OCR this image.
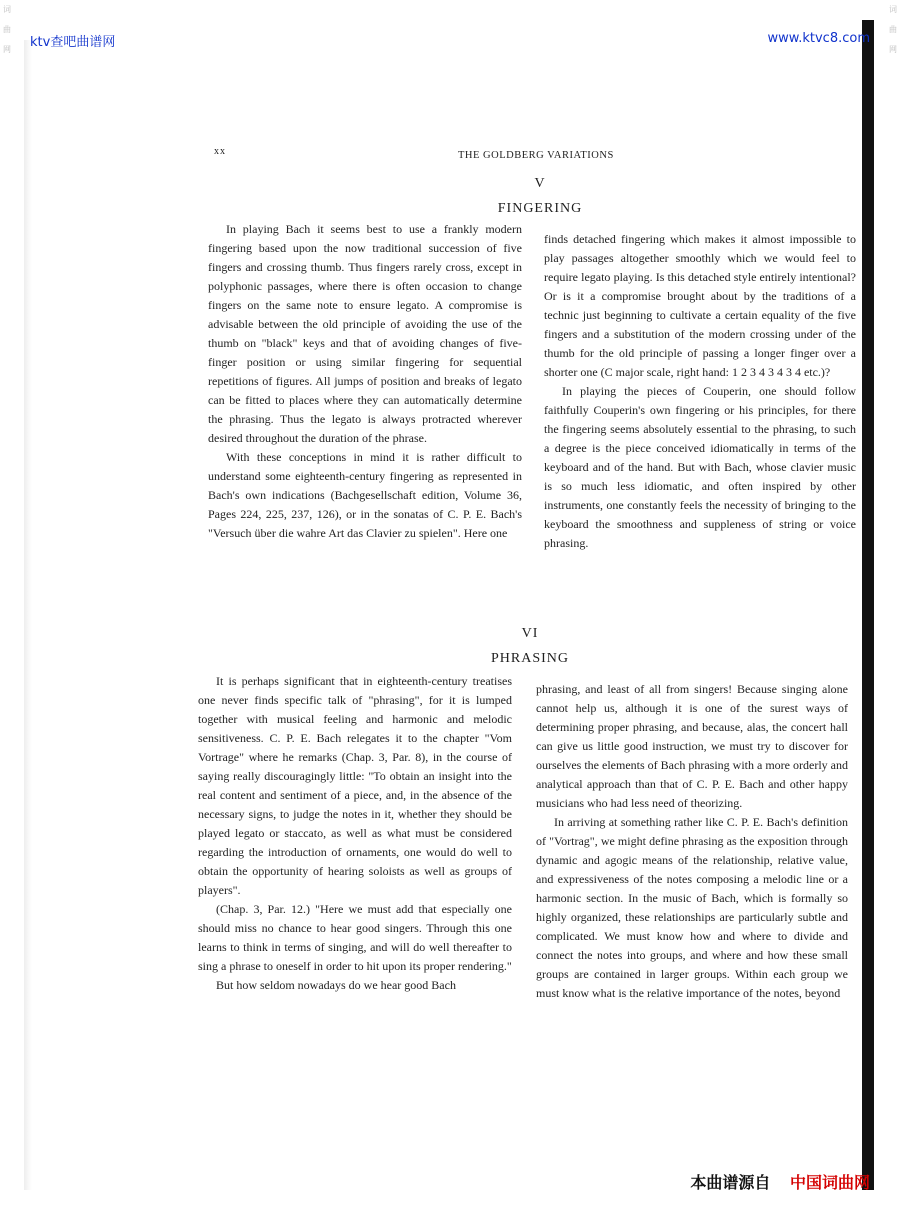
词
曲
网
词
曲
网
ktv查吧曲谱网	www.ktvc8.com
xx	THE GOLDBERG VARIATIONS
V
FINGERING

In playing Bach it seems best to use a frankly modern fingering based upon the now traditional succession of five fingers and crossing thumb. Thus fingers rarely cross, except in polyphonic passages, where there is often occasion to change fingers on the same note to ensure legato. A compromise is advisable between the old principle of avoiding the use of the thumb on "black" keys and that of avoiding changes of five-finger position or using similar fingering for sequential repetitions of figures. All jumps of position and breaks of legato can be fitted to places where they can automatically determine the phrasing. Thus the legato is always protracted wherever desired throughout the duration of the phrase.

With these conceptions in mind it is rather difficult to understand some eighteenth-century fingering as represented in Bach's own indications (Bachgesellschaft edition, Volume 36, Pages 224, 225, 237, 126), or in the sonatas of C. P. E. Bach's "Versuch über die wahre Art das Clavier zu spielen". Here one

finds detached fingering which makes it almost impossible to play passages altogether smoothly which we would feel to require legato playing. Is this detached style entirely intentional? Or is it a compromise brought about by the traditions of a technic just beginning to cultivate a certain equality of the five fingers and a substitution of the modern crossing under of the thumb for the old principle of passing a longer finger over a shorter one (C major scale, right hand: 1 2 3 4 3 4 3 4 etc.)?

In playing the pieces of Couperin, one should follow faithfully Couperin's own fingering or his principles, for there the fingering seems absolutely essential to the phrasing, to such a degree is the piece conceived idiomatically in terms of the keyboard and of the hand. But with Bach, whose clavier music is so much less idiomatic, and often inspired by other instruments, one constantly feels the necessity of bringing to the keyboard the smoothness and suppleness of string or voice phrasing.

VI
PHRASING

It is perhaps significant that in eighteenth-century treatises one never finds specific talk of "phrasing", for it is lumped together with musical feeling and harmonic and melodic sensitiveness. C. P. E. Bach relegates it to the chapter "Vom Vortrage" where he remarks (Chap. 3, Par. 8), in the course of saying really discouragingly little: "To obtain an insight into the real content and sentiment of a piece, and, in the absence of the necessary signs, to judge the notes in it, whether they should be played legato or staccato, as well as what must be considered regarding the introduction of ornaments, one would do well to obtain the opportunity of hearing soloists as well as groups of players".

(Chap. 3, Par. 12.) "Here we must add that especially one should miss no chance to hear good singers. Through this one learns to think in terms of singing, and will do well thereafter to sing a phrase to oneself in order to hit upon its proper rendering."

But how seldom nowadays do we hear good Bach

phrasing, and least of all from singers! Because singing alone cannot help us, although it is one of the surest ways of determining proper phrasing, and because, alas, the concert hall can give us little good instruction, we must try to discover for ourselves the elements of Bach phrasing with a more orderly and analytical approach than that of C. P. E. Bach and other happy musicians who had less need of theorizing.

In arriving at something rather like C. P. E. Bach's definition of "Vortrag", we might define phrasing as the exposition through dynamic and agogic means of the relationship, relative value, and expressiveness of the notes composing a melodic line or a harmonic section. In the music of Bach, which is formally so highly organized, these relationships are particularly subtle and complicated. We must know how and where to divide and connect the notes into groups, and where and how these small groups are contained in larger groups. Within each group we must know what is the relative importance of the notes, beyond

本曲谱源自 中国词曲网
